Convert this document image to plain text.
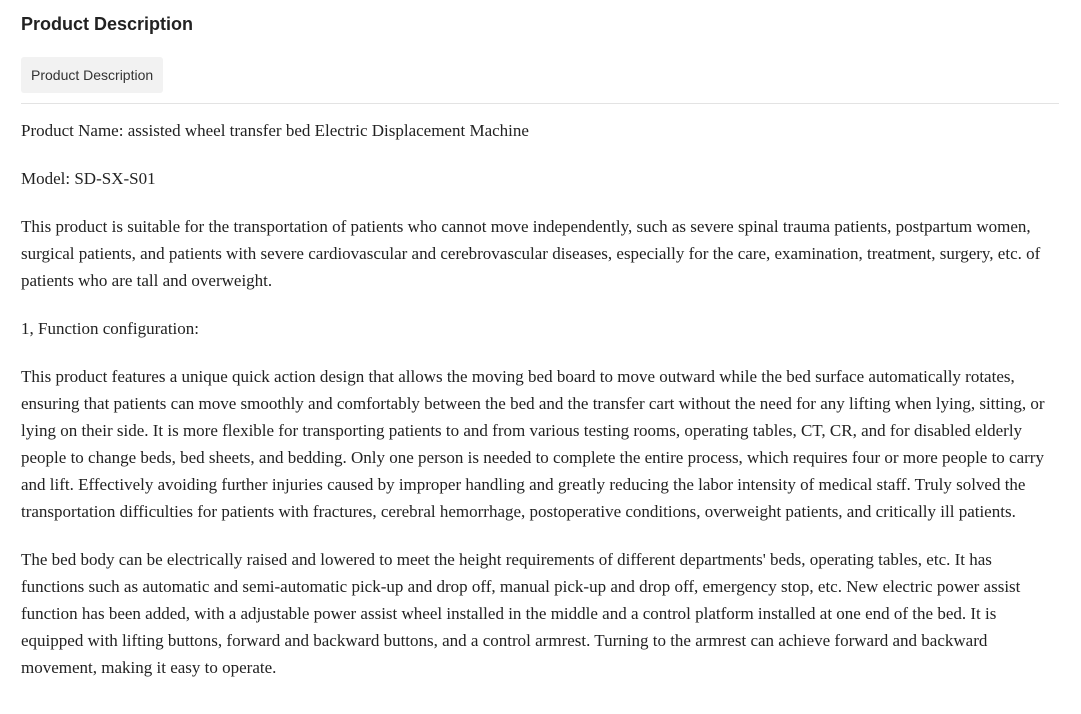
Product Description
Product Description

Product Name: assisted wheel transfer bed Electric Displacement Machine

Model: SD-SX-S01

This product is suitable for the transportation of patients who cannot move independently, such as severe spinal trauma patients, postpartum women, surgical patients, and patients with severe cardiovascular and cerebrovascular diseases, especially for the care, examination, treatment, surgery, etc. of patients who are tall and overweight.

1, Function configuration:

This product features a unique quick action design that allows the moving bed board to move outward while the bed surface automatically rotates, ensuring that patients can move smoothly and comfortably between the bed and the transfer cart without the need for any lifting when lying, sitting, or lying on their side. It is more flexible for transporting patients to and from various testing rooms, operating tables, CT, CR, and for disabled elderly people to change beds, bed sheets, and bedding. Only one person is needed to complete the entire process, which requires four or more people to carry and lift. Effectively avoiding further injuries caused by improper handling and greatly reducing the labor intensity of medical staff. Truly solved the transportation difficulties for patients with fractures, cerebral hemorrhage, postoperative conditions, overweight patients, and critically ill patients.

The bed body can be electrically raised and lowered to meet the height requirements of different departments' beds, operating tables, etc. It has functions such as automatic and semi-automatic pick-up and drop off, manual pick-up and drop off, emergency stop, etc. New electric power assist function has been added, with a adjustable power assist wheel installed in the middle and a control platform installed at one end of the bed. It is equipped with lifting buttons, forward and backward buttons, and a control armrest. Turning to the armrest can achieve forward and backward movement, making it easy to operate.
